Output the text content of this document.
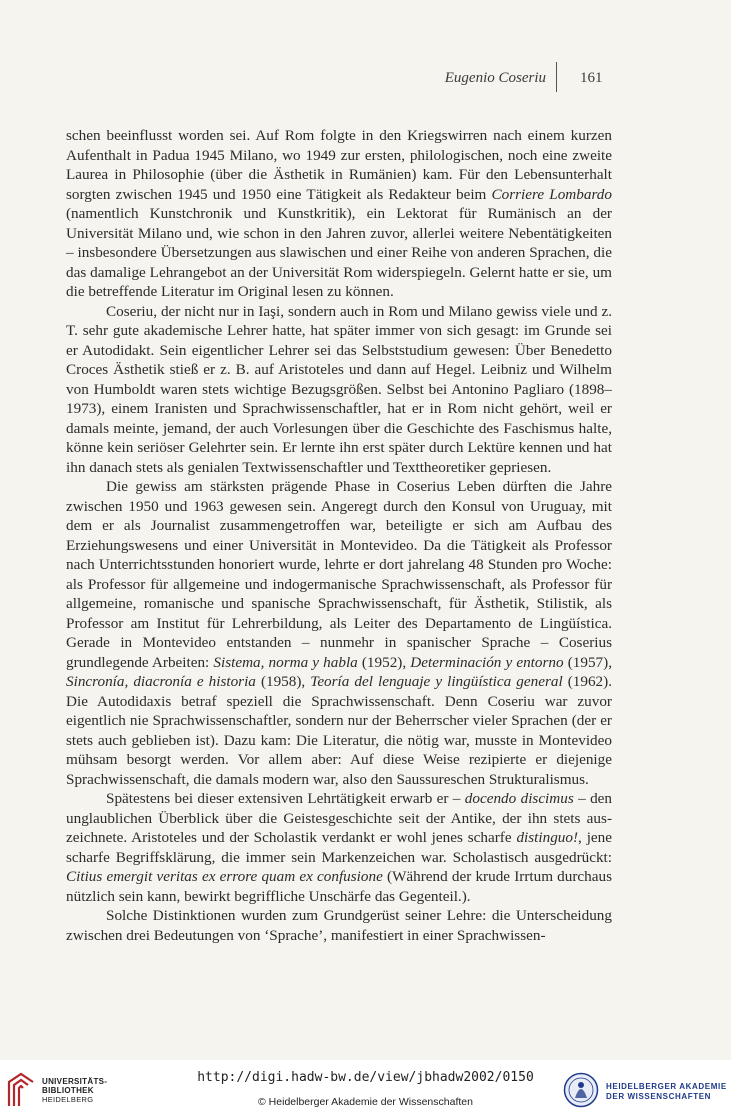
Eugenio Coseriu 161

schen beeinflusst worden sei. Auf Rom folgte in den Kriegswirren nach einem kurzen Aufenthalt in Padua 1945 Milano, wo 1949 zur ersten, philologischen, noch eine zweite Laurea in Philosophie (über die Ästhetik in Rumänien) kam. Für den Lebensunterhalt sorgten zwischen 1945 und 1950 eine Tätigkeit als Redakteur beim Corriere Lombardo (namentlich Kunstchronik und Kunstkritik), ein Lektorat für Rumänisch an der Universität Milano und, wie schon in den Jahren zuvor, allerlei weitere Nebentätigkeiten – insbesondere Übersetzungen aus slawischen und einer Reihe von anderen Sprachen, die das damalige Lehrangebot an der Universität Rom widerspiegeln. Gelernt hatte er sie, um die betreffende Literatur im Original lesen zu können.

Coseriu, der nicht nur in Iaşi, sondern auch in Rom und Milano gewiss viele und z. T. sehr gute akademische Lehrer hatte, hat später immer von sich gesagt: im Grunde sei er Autodidakt. Sein eigentlicher Lehrer sei das Selbststudium gewesen: Über Benedetto Croces Ästhetik stieß er z. B. auf Aristoteles und dann auf Hegel. Leibniz und Wilhelm von Humboldt waren stets wichtige Bezugsgrößen. Selbst bei Antonino Pagliaro (1898–1973), einem Iranisten und Sprachwissenschaftler, hat er in Rom nicht gehört, weil er damals meinte, jemand, der auch Vorlesungen über die Geschichte des Faschismus halte, könne kein seriöser Gelehrter sein. Er lernte ihn erst später durch Lektüre kennen und hat ihn danach stets als genialen Textwissenschaftler und Texttheoretiker gepriesen.

Die gewiss am stärksten prägende Phase in Coserius Leben dürften die Jahre zwischen 1950 und 1963 gewesen sein. Angeregt durch den Konsul von Uruguay, mit dem er als Journalist zusammengetroffen war, beteiligte er sich am Aufbau des Erziehungswesens und einer Universität in Montevideo. Da die Tätigkeit als Professor nach Unterrichtsstunden honoriert wurde, lehrte er dort jahrelang 48 Stunden pro Woche: als Professor für allgemeine und indogermanische Sprachwissenschaft, als Professor für allgemeine, romanische und spanische Sprachwissenschaft, für Ästhetik, Stilistik, als Professor am Institut für Lehrerbildung, als Leiter des Departamento de Lingüística. Gerade in Montevideo entstanden – nunmehr in spanischer Sprache – Coserius grundlegende Arbeiten: Sistema, norma y habla (1952), Determinación y entorno (1957), Sincronía, diacronía e historia (1958), Teoría del lenguaje y lingüística general (1962). Die Autodidaxis betraf speziell die Sprachwissenschaft. Denn Coseriu war zuvor eigentlich nie Sprachwissenschaftler, sondern nur der Beherrscher vieler Sprachen (der er stets auch geblieben ist). Dazu kam: Die Literatur, die nötig war, musste in Montevideo mühsam besorgt werden. Vor allem aber: Auf diese Weise rezipierte er diejenige Sprachwissenschaft, die damals modern war, also den Saussureschen Strukturalismus.

Spätestens bei dieser extensiven Lehrtätigkeit erwarb er – docendo discimus – den unglaublichen Überblick über die Geistesgeschichte seit der Antike, der ihn stets auszeichnete. Aristoteles und der Scholastik verdankt er wohl jenes scharfe distinguo!, jene scharfe Begriffsklärung, die immer sein Markenzeichen war. Scholastisch ausgedrückt: Citius emergit veritas ex errore quam ex confusione (Während der krude Irrtum durchaus nützlich sein kann, bewirkt begriffliche Unschärfe das Gegenteil.).

Solche Distinktionen wurden zum Grundgerüst seiner Lehre: die Unterscheidung zwischen drei Bedeutungen von ‘Sprache’, manifestiert in einer Sprachwissen-

UNIVERSITÄTS-
BIBLIOTHEK
HEIDELBERG
http://digi.hadw-bw.de/view/jbhadw2002/0150
© Heidelberger Akademie der Wissenschaften
HEIDELBERGER AKADEMIE
DER WISSENSCHAFTEN
